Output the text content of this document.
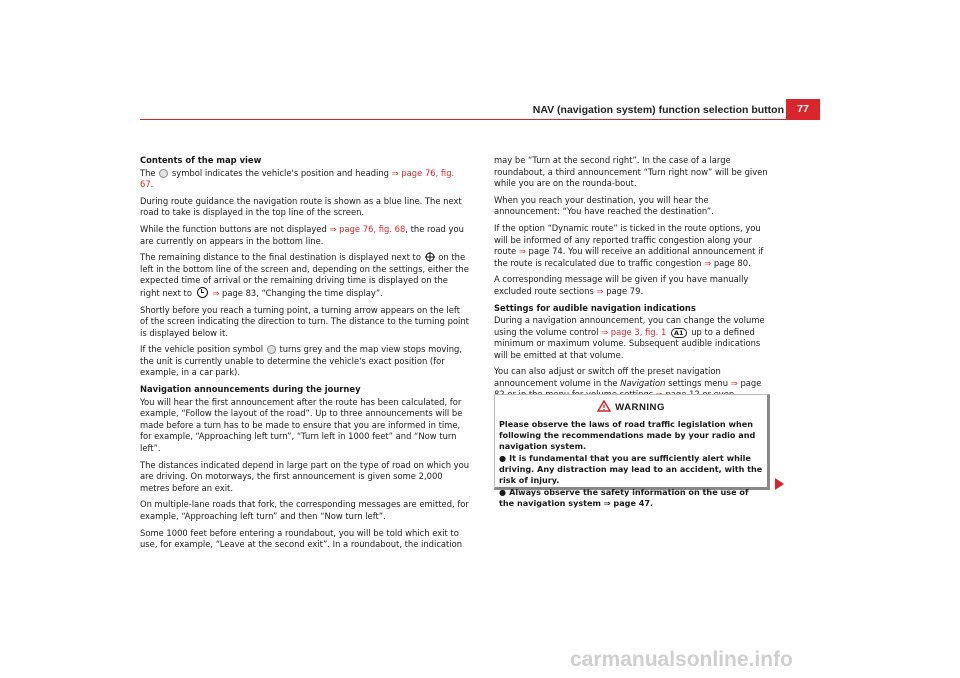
NAV (navigation system) function selection button	77
Contents of the map view

The symbol indicates the vehicle's position and heading ⇒ page 76, fig. 67.

During route guidance the navigation route is shown as a blue line. The next road to take is displayed in the top line of the screen.

While the function buttons are not displayed ⇒ page 76, fig. 68, the road you are currently on appears in the bottom line.

The remaining distance to the final destination is displayed next to on the left in the bottom line of the screen and, depending on the settings, either the expected time of arrival or the remaining driving time is displayed on the right next to ⇒ page 83, “Changing the time display”.

Shortly before you reach a turning point, a turning arrow appears on the left of the screen indicating the direction to turn. The distance to the turning point is displayed below it.

If the vehicle position symbol turns grey and the map view stops moving, the unit is currently unable to determine the vehicle's exact position (for example, in a car park).

Navigation announcements during the journey

You will hear the first announcement after the route has been calculated, for example, “Follow the layout of the road”. Up to three announcements will be made before a turn has to be made to ensure that you are informed in time, for example, “Approaching left turn”, “Turn left in 1000 feet” and “Now turn left”.

The distances indicated depend in large part on the type of road on which you are driving. On motorways, the first announcement is given some 2,000 metres before an exit.

On multiple-lane roads that fork, the corresponding messages are emitted, for example, “Approaching left turn” and then “Now turn left”.

Some 1000 feet before entering a roundabout, you will be told which exit to use, for example, “Leave at the second exit”. In a roundabout, the indication

may be “Turn at the second right”. In the case of a large roundabout, a third announcement “Turn right now” will be given while you are on the rounda-bout.

When you reach your destination, you will hear the announcement: “You have reached the destination”.

If the option “Dynamic route” is ticked in the route options, you will be informed of any reported traffic congestion along your route ⇒ page 74. You will receive an additional announcement if the route is recalculated due to traffic congestion ⇒ page 80.

A corresponding message will be given if you have manually excluded route sections ⇒ page 79.

Settings for audible navigation indications

During a navigation announcement, you can change the volume using the volume control ⇒ page 3, fig. 1 A1 up to a defined minimum or maximum volume. Subsequent audible indications will be emitted at that volume.

You can also adjust or switch off the preset navigation announcement volume in the Navigation settings menu ⇒ page

WARNING

Please observe the laws of road traffic legislation when following the recommendations made by your radio and navigation system.

● It is fundamental that you are sufficiently alert while driving. Any distraction may lead to an accident, with the risk of injury.
● Always observe the safety information on the use of the navigation system ⇒ page 47.
carmanualsonline.info
